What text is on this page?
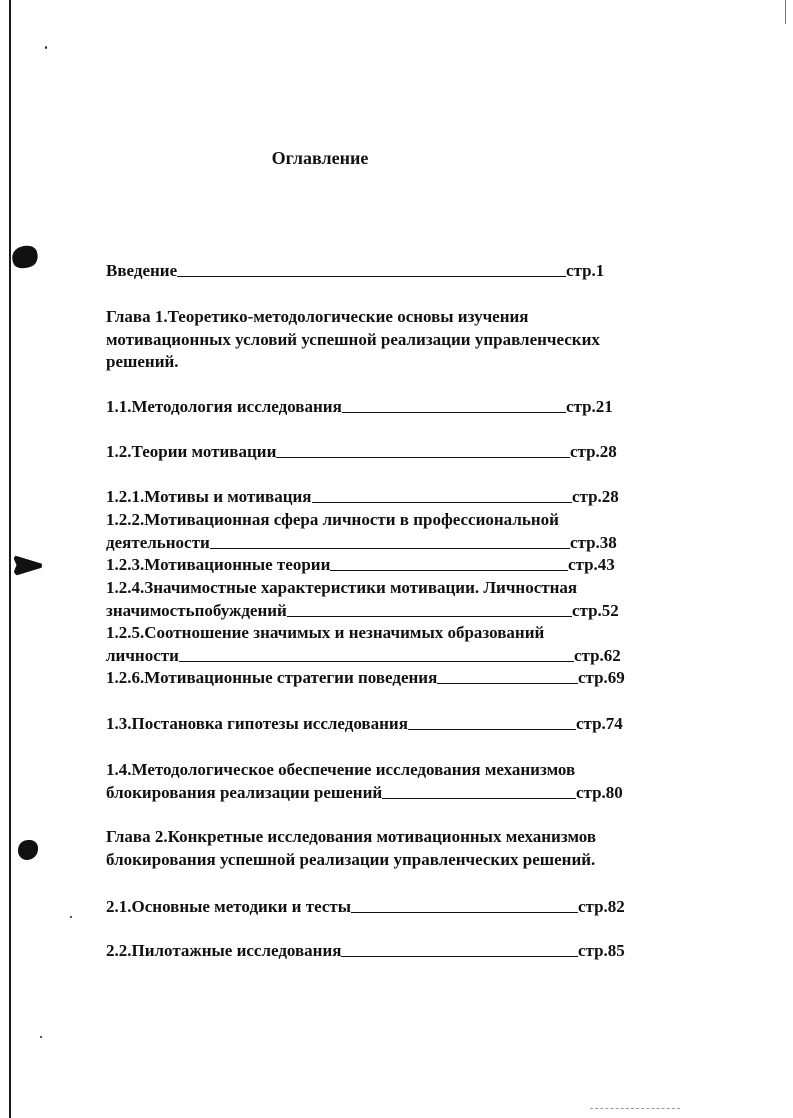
Оглавление
Введение	стр.1
Глава 1.Теоретико-методологические основы изучения
мотивационных условий успешной реализации управленческих
решений.
1.1.Методология исследования	стр.21
1.2.Теории мотивации	стр.28
1.2.1.Мотивы и мотивация	стр.28
1.2.2.Мотивационная сфера личности в профессиональной
деятельности	стр.38
1.2.3.Мотивационные теории	стр.43
1.2.4.Значимостные характеристики мотивации. Личностная
значимостьпобуждений	стр.52
1.2.5.Соотношение значимых и незначимых образований
личности	стр.62
1.2.6.Мотивационные стратегии поведения	стр.69
1.3.Постановка гипотезы исследования	стр.74
1.4.Методологическое обеспечение исследования механизмов
блокирования реализации решений	стр.80
Глава 2.Конкретные исследования мотивационных механизмов
блокирования успешной реализации управленческих решений.
2.1.Основные методики и тесты	стр.82
2.2.Пилотажные исследования	стр.85
